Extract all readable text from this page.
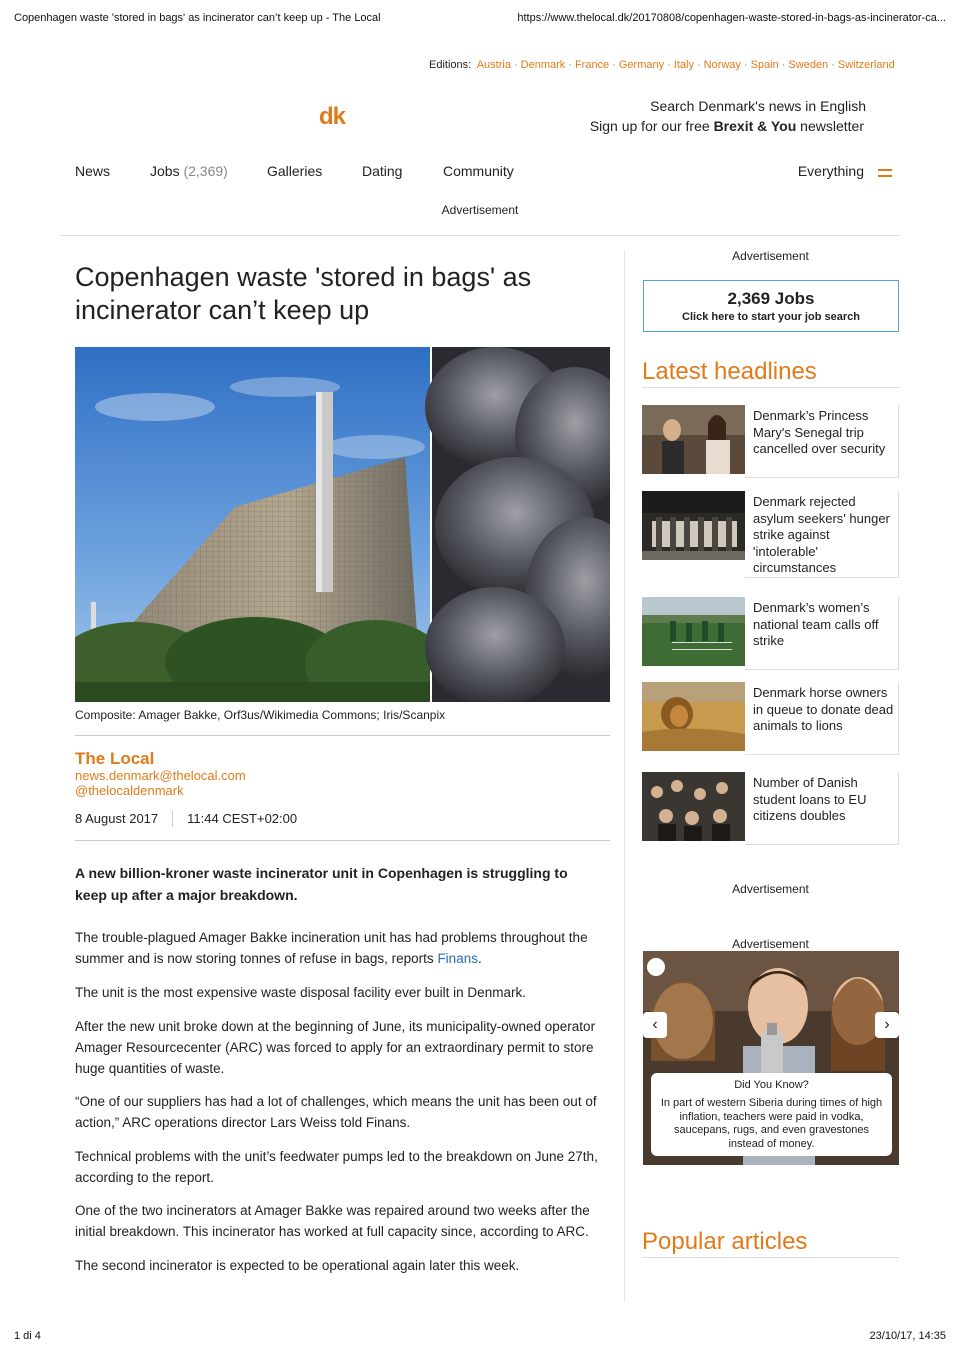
Copenhagen waste 'stored in bags' as incinerator can’t keep up - The Local	https://www.thelocal.dk/20170808/copenhagen-waste-stored-in-bags-as-incinerator-ca...
Editions: Austria · Denmark · France · Germany · Italy · Norway · Spain · Sweden · Switzerland
dk	Search Denmark's news in English
Sign up for our free Brexit & You newsletter
News	Jobs (2,369)	Galleries	Dating	Community	Everything
Advertisement
Copenhagen waste 'stored in bags' as incinerator can’t keep up
Composite: Amager Bakke, Orf3us/Wikimedia Commons; Iris/Scanpix
The Local
news.denmark@thelocal.com
@thelocaldenmark
8 August 2017 11:44 CEST+02:00

A new billion-kroner waste incinerator unit in Copenhagen is struggling to keep up after a major breakdown.

The trouble-plagued Amager Bakke incineration unit has had problems throughout the summer and is now storing tonnes of refuse in bags, reports Finans.

The unit is the most expensive waste disposal facility ever built in Denmark.

After the new unit broke down at the beginning of June, its municipality-owned operator Amager Resourcecenter (ARC) was forced to apply for an extraordinary permit to store huge quantities of waste.

“One of our suppliers has had a lot of challenges, which means the unit has been out of action,” ARC operations director Lars Weiss told Finans.

Technical problems with the unit’s feedwater pumps led to the breakdown on June 27th, according to the report.

One of the two incinerators at Amager Bakke was repaired around two weeks after the initial breakdown. This incinerator has worked at full capacity since, according to ARC.

The second incinerator is expected to be operational again later this week.

Advertisement
2,369 Jobs
Click here to start your job search
Latest headlines
Denmark’s Princess Mary's Senegal trip cancelled over security
Denmark rejected asylum seekers' hunger strike against 'intolerable' circumstances
Denmark’s women’s national team calls off strike
Denmark horse owners in queue to donate dead animals to lions
Number of Danish student loans to EU citizens doubles
Advertisement
Advertisement
‹	›
Did You Know?
In part of western Siberia during times of high inflation, teachers were paid in vodka, saucepans, rugs, and even gravestones instead of money.
Popular articles
1 di 4	23/10/17, 14:35
